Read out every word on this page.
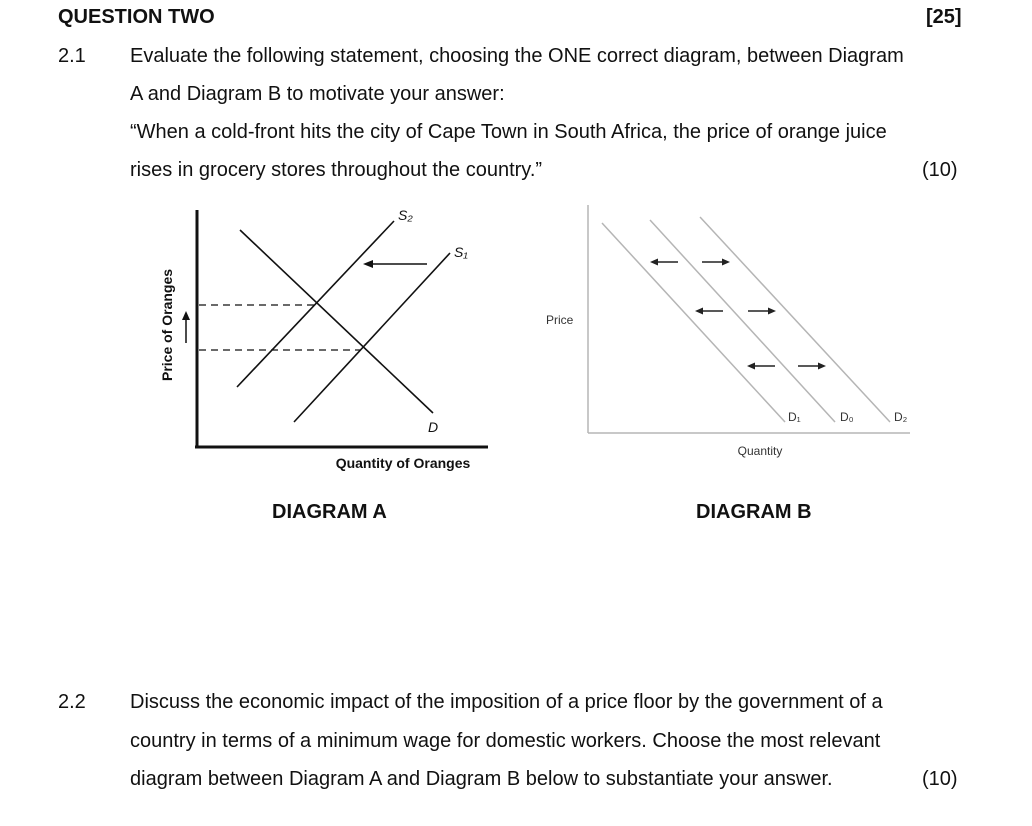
QUESTION TWO	[25]
2.1 Evaluate the following statement, choosing the ONE correct diagram, between Diagram
A and Diagram B to motivate your answer:
“When a cold-front hits the city of Cape Town in South Africa, the price of orange juice
rises in grocery stores throughout the country.”	(10)
Price of Oranges
Quantity of Oranges
S₂
S₁
D
DIAGRAM A
Price
Quantity
D₁	D₀	D₂
DIAGRAM B
2.2 Discuss the economic impact of the imposition of a price floor by the government of a
country in terms of a minimum wage for domestic workers. Choose the most relevant
diagram between Diagram A and Diagram B below to substantiate your answer.	(10)
